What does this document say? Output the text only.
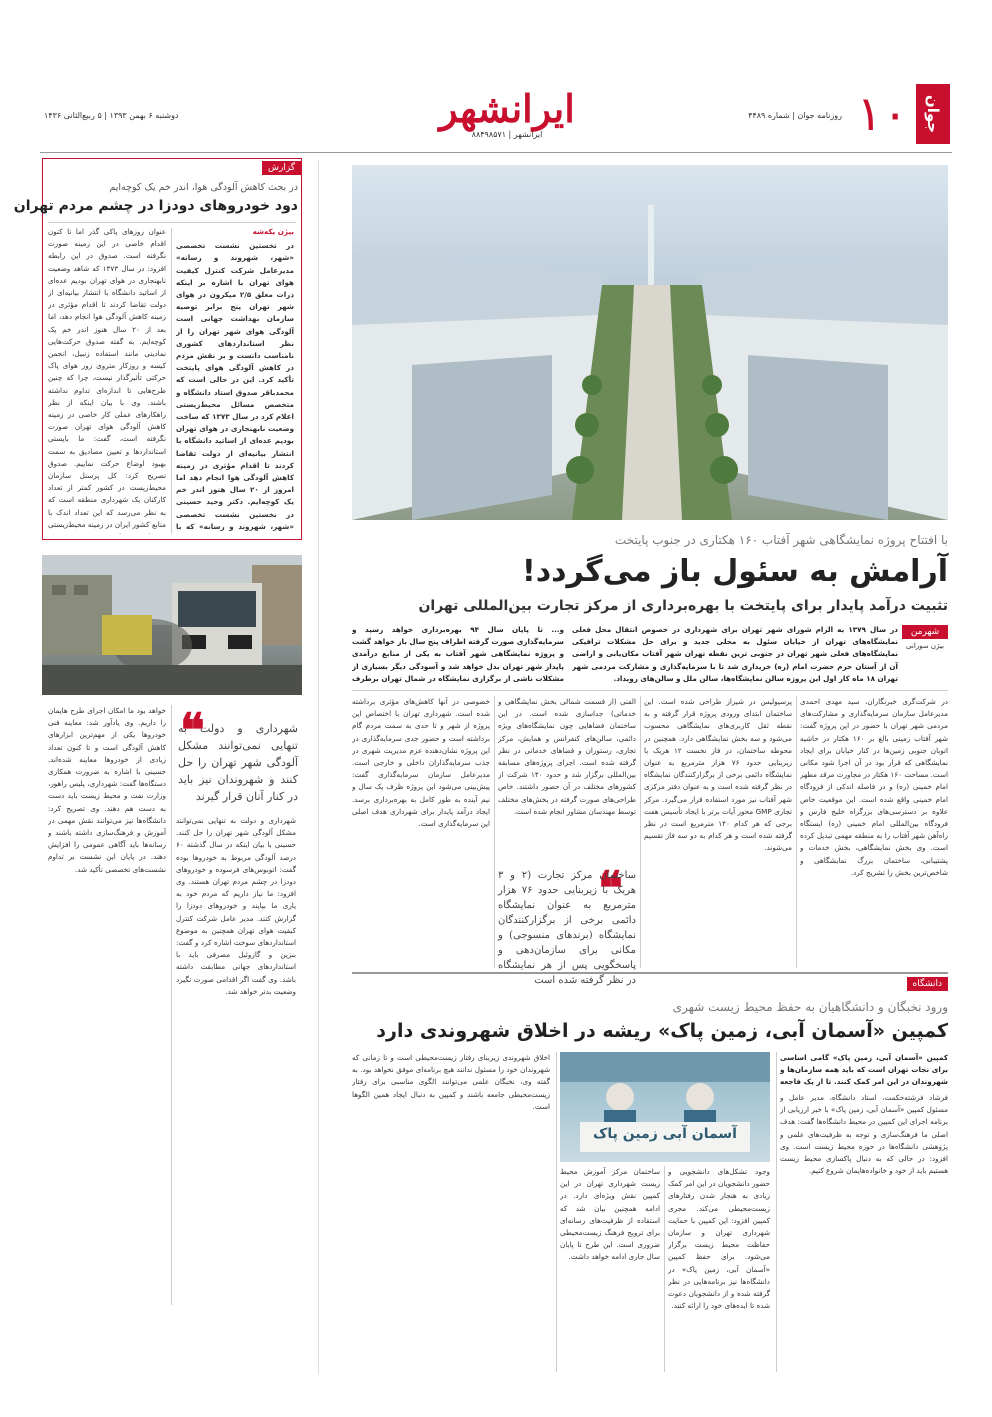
جوان
۱۰
روزنامه جوان | شماره ۴۴۸۹
دوشنبه ۶ بهمن ۱۳۹۳ | ۵ ربیع‌الثانی ۱۴۳۶	ایرانشهر
ایرانشهر | ۸۸۴۹۸۵۷۱
گزارش
در بحث کاهش آلودگی هوا، اندر خم یک کوچه‌ایم
دود خودروهای دودزا در چشم مردم تهران

بیژن یکه‌شه

در تخستین نشست تخصصی «شهر، شهروند و رسانه» مدیرعامل شرکت کنترل کیفیت هوای تهران با اشاره بر اینکه ذرات معلق ۲/۵ میکرون در هوای شهر تهران پنج برابر توصیه سازمان بهداشت جهانی است آلودگی هوای شهر تهران را از نظر استانداردهای کشوری نامناسب دانست و بر نقش مردم در کاهش آلودگی هوای پایتخت تأکید کرد. این در حالی است که محمدباقر صدوق استاد دانشگاه و متخصص مسائل محیط‌زیستی اعلام کرد در سال ۱۳۷۳ که ساخت وضعیت نابهنجاری در هوای تهران بودیم عده‌ای از اساتید دانشگاه با انتشار بیانیه‌ای از دولت تقاضا کردند تا اقدام مؤثری در زمینه کاهش آلودگی هوا انجام دهد اما امروز از ۲۰ سال هنوز اندر خم یک کوچه‌ایم. دکتر وحید حسینی در نخستین نشست تخصصی «شهر، شهروند و رسانه» که با

عنوان روزهای پاکی گذر اما تا کنون اقدام خاصی در این زمینه صورت نگرفته است. صدوق در این رابطه افزود: در سال ۱۳۷۳ که شاهد وضعیت نابهنجاری در هوای تهران بودیم عده‌ای از اساتید دانشگاه با انتشار بیانیه‌ای از دولت تقاضا کردند تا اقدام مؤثری در زمینه کاهش آلودگی هوا انجام دهد، اما بعد از ۲۰ سال هنوز اندر خم یک کوچه‌ایم. به گفته صدوق حرکت‌هایی نمادینی مانند استفاده زنبیل، انجمن کیسه و روزکار متروی زور هوای پاک حرکتی تأثیرگذار نیست، چرا که چنین طرح‌هایی تا اندازه‌ای تداوم نداشته باشند. وی با بیان اینکه از نظر راهکارهای عملی کار خاصی در زمینه کاهش آلودگی هوای تهران صورت نگرفته است، گفت: ما بایستی استانداردها و تعیین مصادیق به سمت بهبود اوضاع حرکت نماییم. صدوق تصریح کرد: کل پرسنل سازمان محیط‌زیست در کشور کمتر از تعداد کارکنان یک شهرداری منطقه است که به نظر می‌رسد که این تعداد اندک با منابع کشور ایران در زمینه محیط‌زیستی

❝
شهرداری و دولت به تنهایی نمی‌توانند مشکل آلودگی شهر تهران را حل کنند و شهروندان نیز باید در کنار آنان قرار گیرند

شهرداری و دولت به تنهایی نمی‌توانند مشکل آلودگی شهر تهران را حل کنند. حسینی با بیان اینکه در سال گذشته ۶۰ درصد آلودگی مربوط به خودروها بوده گفت: اتوبوس‌های فرسوده و خودروهای دودزا در چشم مردم تهران هستند. وی افزود: ما نیاز داریم که مردم خود به یاری ما بیایند و خودروهای دودزا را گزارش کنند. مدیر عامل شرکت کنترل کیفیت هوای تهران همچنین به موضوع استانداردهای سوخت اشاره کرد و گفت: بنزین و گازوئیل مصرفی باید با استانداردهای جهانی مطابقت داشته باشد. وی گفت اگر اقدامی صورت نگیرد وضعیت بدتر خواهد شد.

خواهد بود ما امکان اجرای طرح هایمان را داریم. وی یادآور شد: معاینه فنی خودروها یکی از مهم‌ترین ابزارهای کاهش آلودگی است و تا کنون تعداد زیادی از خودروها معاینه شده‌اند. حسینی با اشاره به ضرورت همکاری دستگاه‌ها گفت: شهرداری، پلیس راهور، وزارت نفت و محیط زیست باید دست به دست هم دهند. وی تصریح کرد: دانشگاه‌ها نیز می‌توانند نقش مهمی در آموزش و فرهنگ‌سازی داشته باشند و رسانه‌ها باید آگاهی عمومی را افزایش دهند. در پایان این نشست بر تداوم نشست‌های تخصصی تأکید شد.

با افتتاح پروژه نمایشگاهی شهر آفتاب ۱۶۰ هکتاری در جنوب پایتخت
آرامش به سئول باز می‌گردد!
تثبیت درآمد پایدار برای پایتخت با بهره‌برداری از مرکز تجارت بین‌المللی تهران
شهرمن
بیژن سورانی

در سال ۱۳۷۹ به الزام شورای شهر تهران برای شهرداری در خصوص انتقال محل فعلی نمایشگاه‌های تهران از خیابان سئول به محلی جدید و برای حل مشکلات ترافیکی نمایشگاه‌های فعلی شهر تهران در جنوبی ترین نقطه تهران شهر آفتاب مکان‌یابی و اراضی آن از آستان حرم حضرت امام (ره) خریداری شد تا با سرمایه‌گذاری و مشارکت مردمی شهر تهران ۱۸ ماه کار اول این پروژه سالن نمایشگاه‌ها، سالن ملل و سالن‌های رویداد.

و... تا پایان سال ۹۴ بهره‌برداری خواهد رسید و سرمایه‌گذاری صورت گرفته اطراف پنج سال باز خواهد گشت و پروژه نمایشگاهی شهر آفتاب به یکی از منابع درآمدی پایدار شهر تهران بدل خواهد شد و آسودگی دیگر بسیاری از مشکلات ناشی از برگزاری نمایشگاه در شمال تهران برطرف

در شرکت‌گری خبرنگاران، سید مهدی احمدی مدیرعامل سازمان سرمایه‌گذاری و مشارکت‌های مردمی شهر تهران با حضور در این پروژه گفت: شهر آفتاب زمینی بالغ بر ۱۶۰ هکتار در حاشیه اتوبان جنوبی زمین‌ها در کنار خیابان برای ایجاد نمایشگاهی که قرار بود در آن اجرا شود مکانی است. مساحت ۱۶۰ هکتار در مجاورت مرقد مطهر امام خمینی (ره) و در فاصله اندکی از فرودگاه امام خمینی واقع شده است. این موقعیت خاص علاوه بر دسترسی‌های بزرگراه خلیج فارس و فرودگاه بین‌المللی امام خمینی (ره) ایستگاه راه‌آهن شهر آفتاب را به منطقه مهمی تبدیل کرده است. وی بخش نمایشگاهی، بخش خدمات و پشتیبانی، ساختمان بزرگ نمایشگاهی و شاخص‌ترین بخش را تشریح کرد.

پرسپولیس در شیراز طراحی شده است. این ساختمان ابتدای ورودی پروژه قرار گرفته و به نقطه ثقل کاربری‌های نمایشگاهی محسوب می‌شود و سه بخش نمایشگاهی دارد. همچنین در محوطه ساختمان، در فاز نخست ۱۲ هریک با زیربنایی حدود ۷۶ هزار مترمربع به عنوان نمایشگاه دائمی برخی از برگزارکنندگان نمایشگاه در نظر گرفته شده است و به عنوان دفتر مرکزی شهر آفتاب نیز مورد استفاده قرار می‌گیرد. مرکز تجاری GMP محور آیات برتر با ایجاد تأسیس هفت برجی که هر کدام ۱۴۰ مترمربع است در نظر گرفته شده است و هر کدام به دو سه فاز تقسیم می‌شوند.

الفنی (از قسمت شمالی بخش نمایشگاهی و خدماتی) جداسازی شده است. در این ساختمان فضاهایی چون نمایشگاه‌های ویژه دائمی، سالن‌های کنفرانس و همایش، مرکز تجاری، رستوران و فضاهای خدماتی در نظر گرفته شده است. اجرای پروژه‌های مسابقه بین‌المللی برگزار شد و حدود ۱۴۰ شرکت از کشورهای مختلف در آن حضور داشتند. خاص طراحی‌های صورت گرفته در بخش‌های مختلف توسط مهندسان مشاور انجام شده است.

خصوصی در آنها کاهش‌های مؤثری برداشته شده است. شهرداری تهران با اختصاص این پروژه از شهر و تا حدی به سمت مردم گام برداشته است و حضور جدی سرمایه‌گذاری در این پروژه نشان‌دهنده عزم مدیریت شهری در جذب سرمایه‌گذاران داخلی و خارجی است. مدیرعامل سازمان سرمایه‌گذاری گفت: پیش‌بینی می‌شود این پروژه ظرف یک سال و نیم آینده به طور کامل به بهره‌برداری برسد. ایجاد درآمد پایدار برای شهرداری هدف اصلی این سرمایه‌گذاری است.

❝
ساختمان مرکز تجارت (۲ و ۳ هریک با زیربنایی حدود ۷۶ هزار مترمربع به عنوان نمایشگاه دائمی برخی از برگزارکنندگان نمایشگاه (برندهای منسوجی) و مکانی برای سازمان‌دهی و پاسخگویی پس از هر نمایشگاه در نظر گرفته شده است	دانشگاه
ورود نخبگان و دانشگاهیان به حفظ محیط زیست شهری
کمپین «آسمان آبی، زمین پاک» ریشه در اخلاق شهروندی دارد

کمپین «آسمان آبی، زمین پاک» گامی اساسی برای نجات تهران است که باید همه سازمان‌ها و شهروندان در این امر کمک کنند. تا از یک فاجعه

فرشاد فرشته‌حکمت، استاد دانشگاه، مدیر عامل و مسئول کمپین «آسمان آبی، زمین پاک» با خبر ارزیابی از برنامه اجرای این کمپین در محیط دانشگاه‌ها گفت: هدف اصلی ما فرهنگ‌سازی و توجه به ظرفیت‌های علمی و پژوهشی دانشگاه‌ها در حوزه محیط زیست است. وی افزود: در حالی که به دنبال پاکسازی محیط زیست هستیم باید از خود و خانواده‌هایمان شروع کنیم.

آسمان آبی زمین پاک

وجود تشکل‌های دانشجویی و حضور دانشجویان در این امر کمک زیادی به هنجار شدن رفتارهای زیست‌محیطی می‌کند. مجری کمپین افزود: این کمپین با حمایت شهرداری تهران و سازمان حفاظت محیط زیست برگزار می‌شود. برای حفظ کمپین «آسمان آبی، زمین پاک» در دانشگاه‌ها نیز برنامه‌هایی در نظر گرفته شده و از دانشجویان دعوت شده تا ایده‌های خود را ارائه کنند.

ساختمان مرکز آموزش محیط زیست شهرداری تهران در این کمپین نقش ویژه‌ای دارد. در ادامه همچنین بیان شد که استفاده از ظرفیت‌های رسانه‌ای برای ترویج فرهنگ زیست‌محیطی ضروری است. این طرح تا پایان سال جاری ادامه خواهد داشت.

اخلاق شهروندی زیربنای رفتار زیست‌محیطی است و تا زمانی که شهروندان خود را مسئول ندانند هیچ برنامه‌ای موفق نخواهد بود. به گفته وی، نخبگان علمی می‌توانند الگوی مناسبی برای رفتار زیست‌محیطی جامعه باشند و کمپین به دنبال ایجاد همین الگوها است.
